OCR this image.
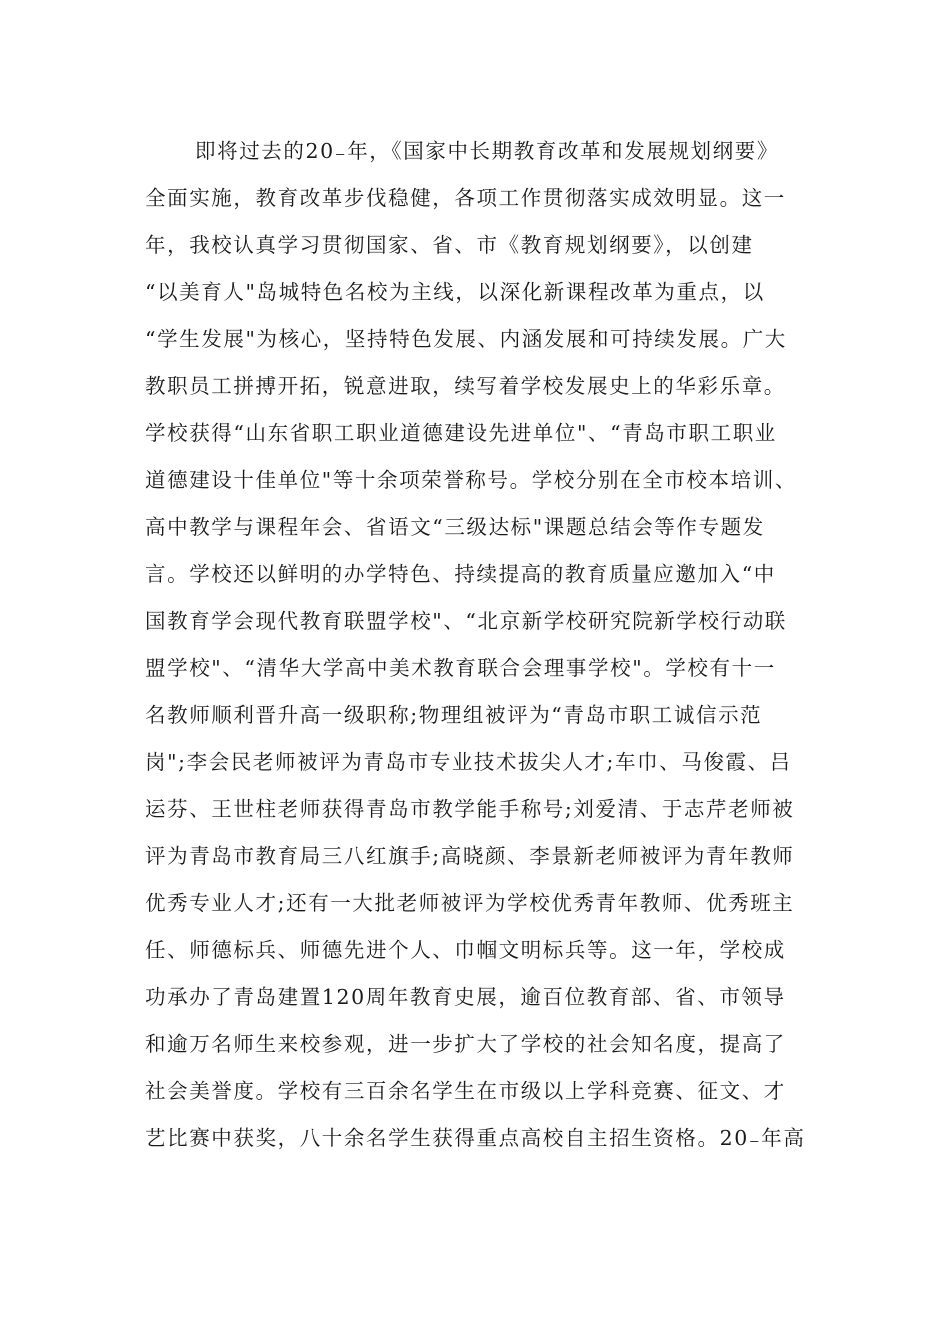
即将过去的20₋年，《国家中长期教育改革和发展规划纲要》
全面实施，教育改革步伐稳健，各项工作贯彻落实成效明显。这一
年，我校认真学习贯彻国家、省、市《教育规划纲要》，以创建
“以美育人"岛城特色名校为主线，以深化新课程改革为重点，以
“学生发展"为核心，坚持特色发展、内涵发展和可持续发展。广大
教职员工拼搏开拓，锐意进取，续写着学校发展史上的华彩乐章。
学校获得“山东省职工职业道德建设先进单位"、“青岛市职工职业
道德建设十佳单位"等十余项荣誉称号。学校分别在全市校本培训、
高中教学与课程年会、省语文“三级达标"课题总结会等作专题发
言。学校还以鲜明的办学特色、持续提高的教育质量应邀加入“中
国教育学会现代教育联盟学校"、“北京新学校研究院新学校行动联
盟学校"、“清华大学高中美术教育联合会理事学校"。学校有十一
名教师顺利晋升高一级职称;物理组被评为“青岛市职工诚信示范
岗";李会民老师被评为青岛市专业技术拔尖人才;车巾、马俊霞、吕
运芬、王世柱老师获得青岛市教学能手称号;刘爱清、于志芹老师被
评为青岛市教育局三八红旗手;高晓颜、李景新老师被评为青年教师
优秀专业人才;还有一大批老师被评为学校优秀青年教师、优秀班主
任、师德标兵、师德先进个人、巾帼文明标兵等。这一年，学校成
功承办了青岛建置120周年教育史展，逾百位教育部、省、市领导
和逾万名师生来校参观，进一步扩大了学校的社会知名度，提高了
社会美誉度。学校有三百余名学生在市级以上学科竞赛、征文、才
艺比赛中获奖，八十余名学生获得重点高校自主招生资格。20₋年高
